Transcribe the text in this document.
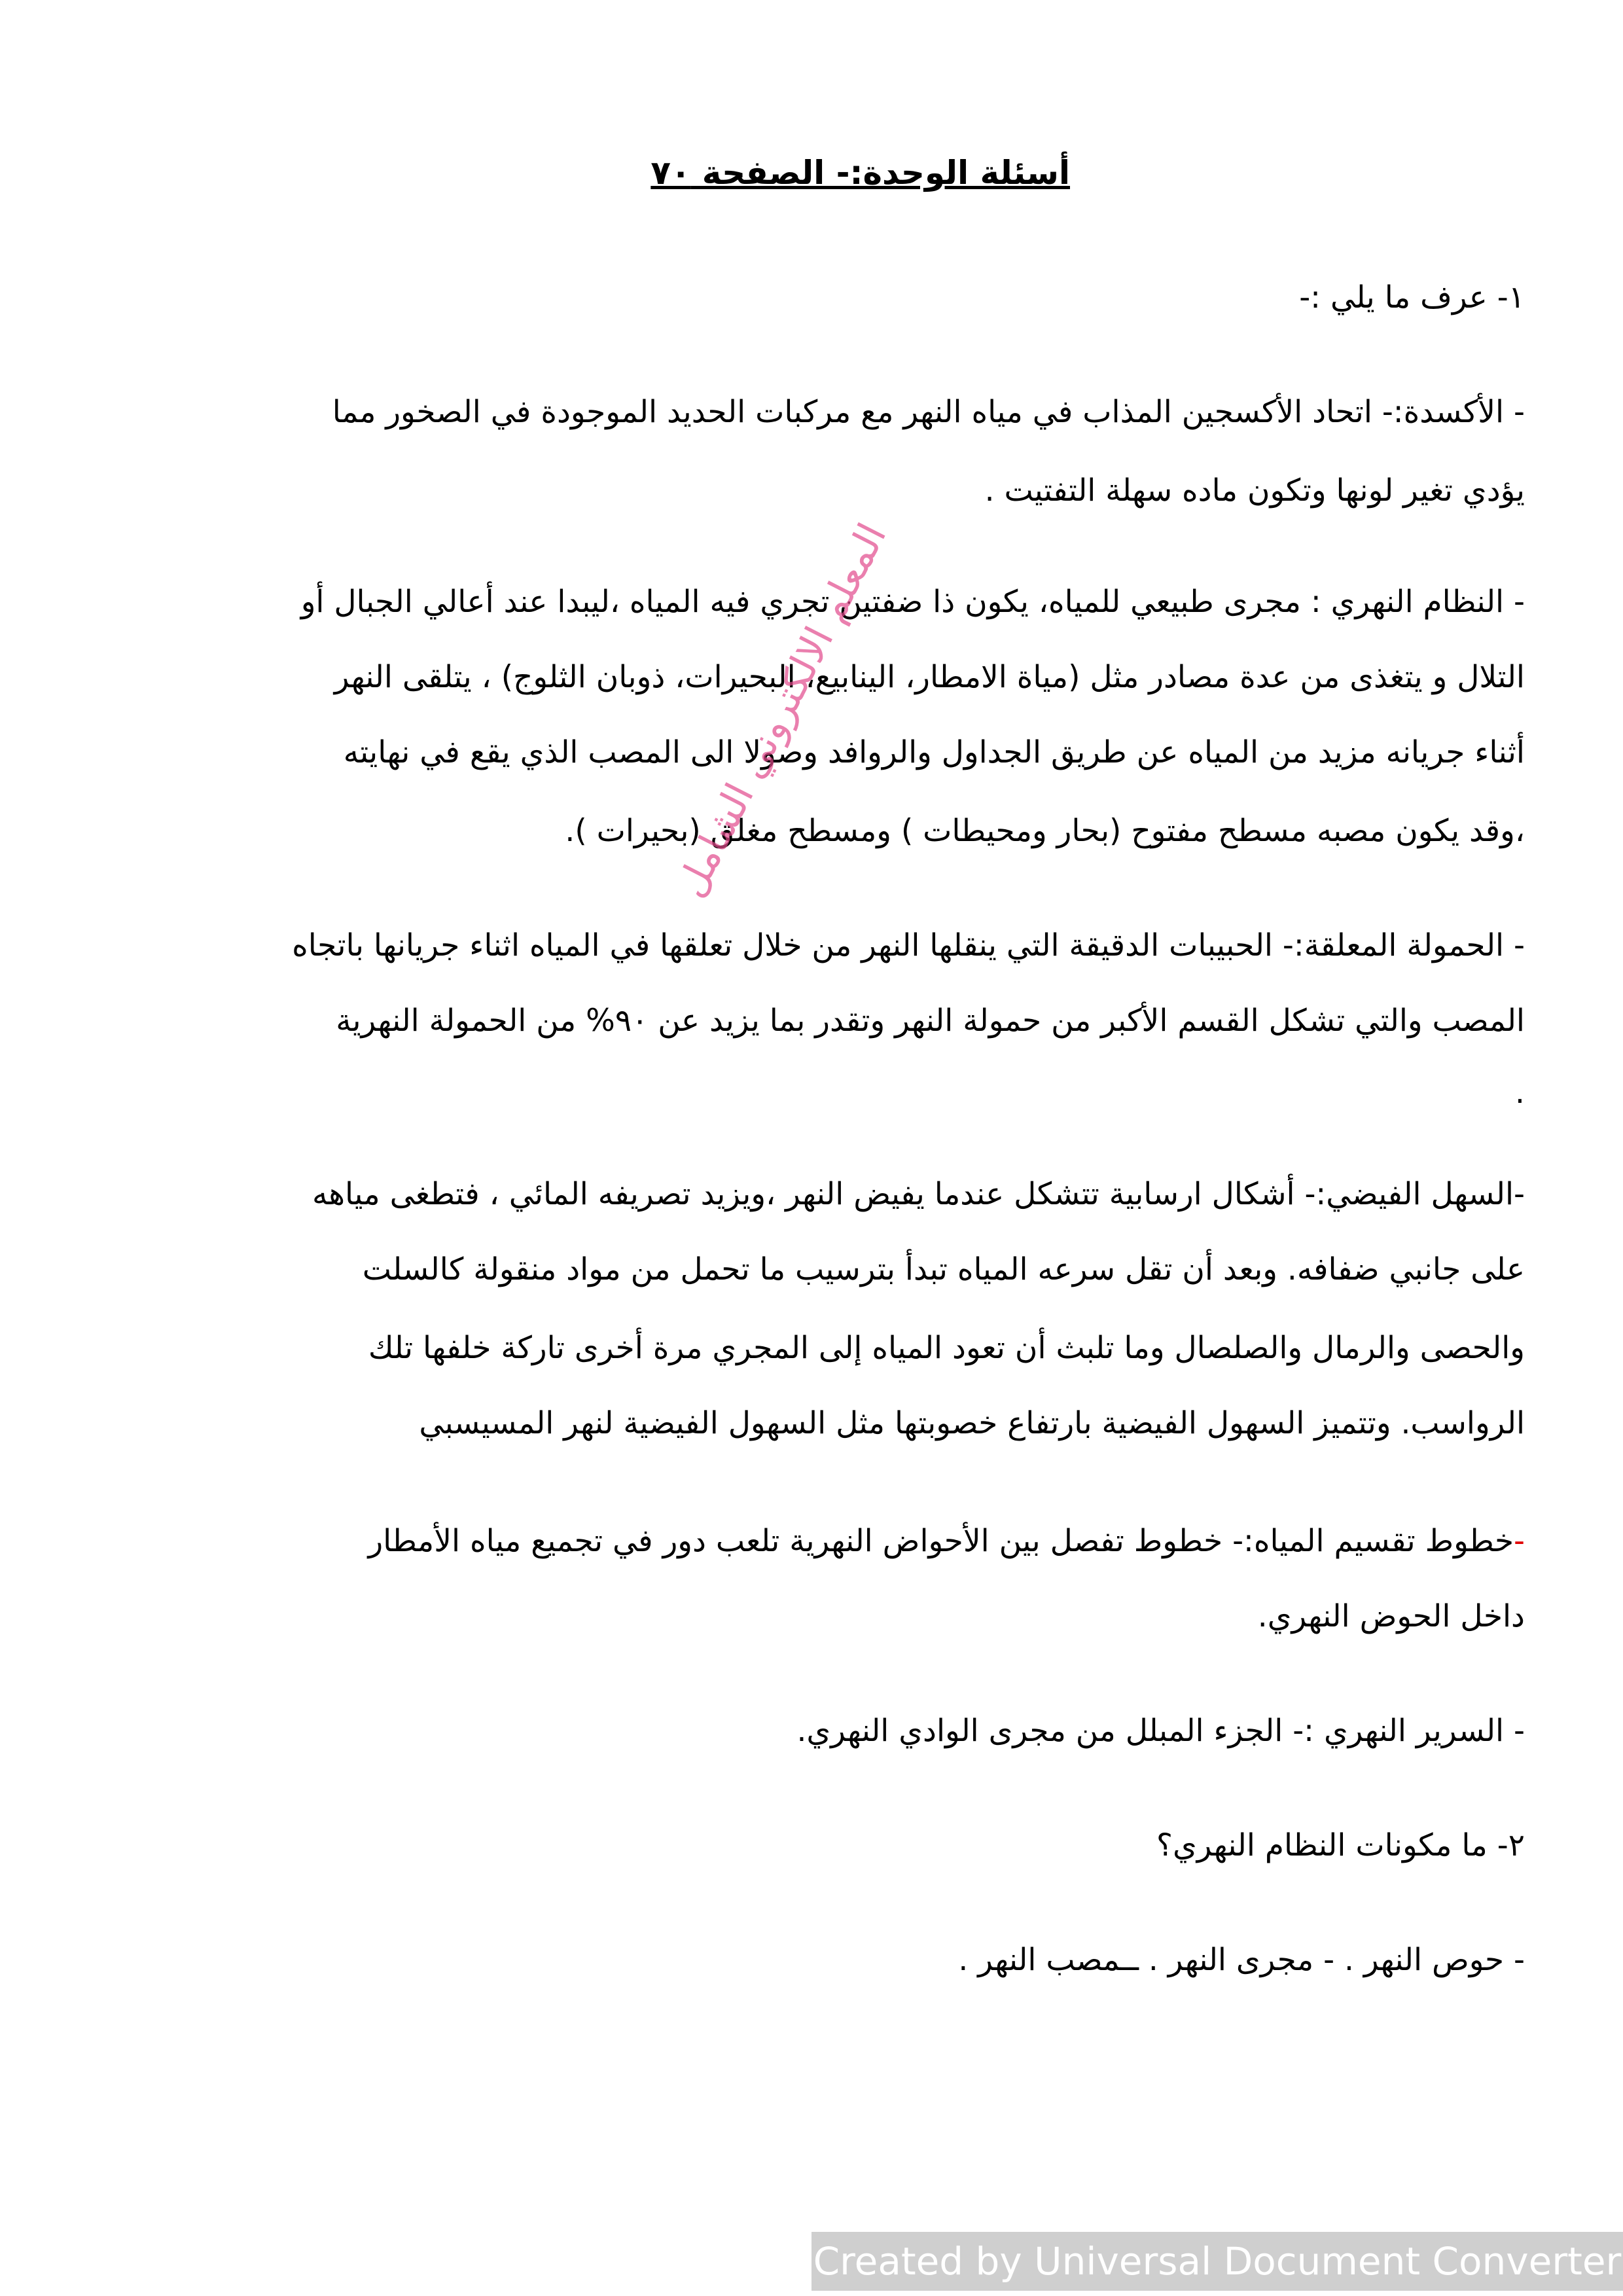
أسئلة الوحدة:- الصفحة ٧٠

١- عرف ما يلي :-

- الأكسدة:- اتحاد الأكسجين المذاب في مياه النهر مع مركبات الحديد الموجودة في الصخور مما

يؤدي تغير لونها وتكون ماده سهلة التفتيت .

- النظام النهري : مجرى طبيعي للمياه، يكون ذا ضفتين تجري فيه المياه ،ليبدا عند أعالي الجبال أو

التلال و يتغذى من عدة مصادر مثل (مياة الامطار، الينابيع، البحيرات، ذوبان الثلوج) ، يتلقى النهر

أثناء جريانه مزيد من المياه عن طريق الجداول والروافد وصولا الى المصب الذي يقع في نهايته

،وقد يكون مصبه مسطح مفتوح (بحار ومحيطات ) ومسطح مغلق (بحيرات ).

- الحمولة المعلقة:- الحبيبات الدقيقة التي ينقلها النهر من خلال تعلقها في المياه اثناء جريانها باتجاه

المصب والتي تشكل القسم الأكبر من حمولة النهر وتقدر بما يزيد عن ٩٠% من الحمولة النهرية

.

-السهل الفيضي:- أشكال ارسابية تتشكل عندما يفيض النهر ،ويزيد تصريفه المائي ، فتطغى مياهه

على جانبي ضفافه. وبعد أن تقل سرعه المياه تبدأ بترسيب ما تحمل من مواد منقولة كالسلت

والحصى والرمال والصلصال وما تلبث أن تعود المياه إلى المجري مرة أخرى تاركة خلفها تلك

الرواسب. وتتميز السهول الفيضية بارتفاع خصوبتها مثل السهول الفيضية لنهر المسيسبي

-خطوط تقسيم المياه:- خطوط تفصل بين الأحواض النهرية تلعب دور في تجميع مياه الأمطار

داخل الحوض النهري.

- السرير النهري :- الجزء المبلل من مجرى الوادي النهري.

٢- ما مكونات النظام النهري؟

- حوص النهر . - مجرى النهر . ــمصب النهر .

المعلم الالكتروني الشامل
Created by Universal Document Converter
